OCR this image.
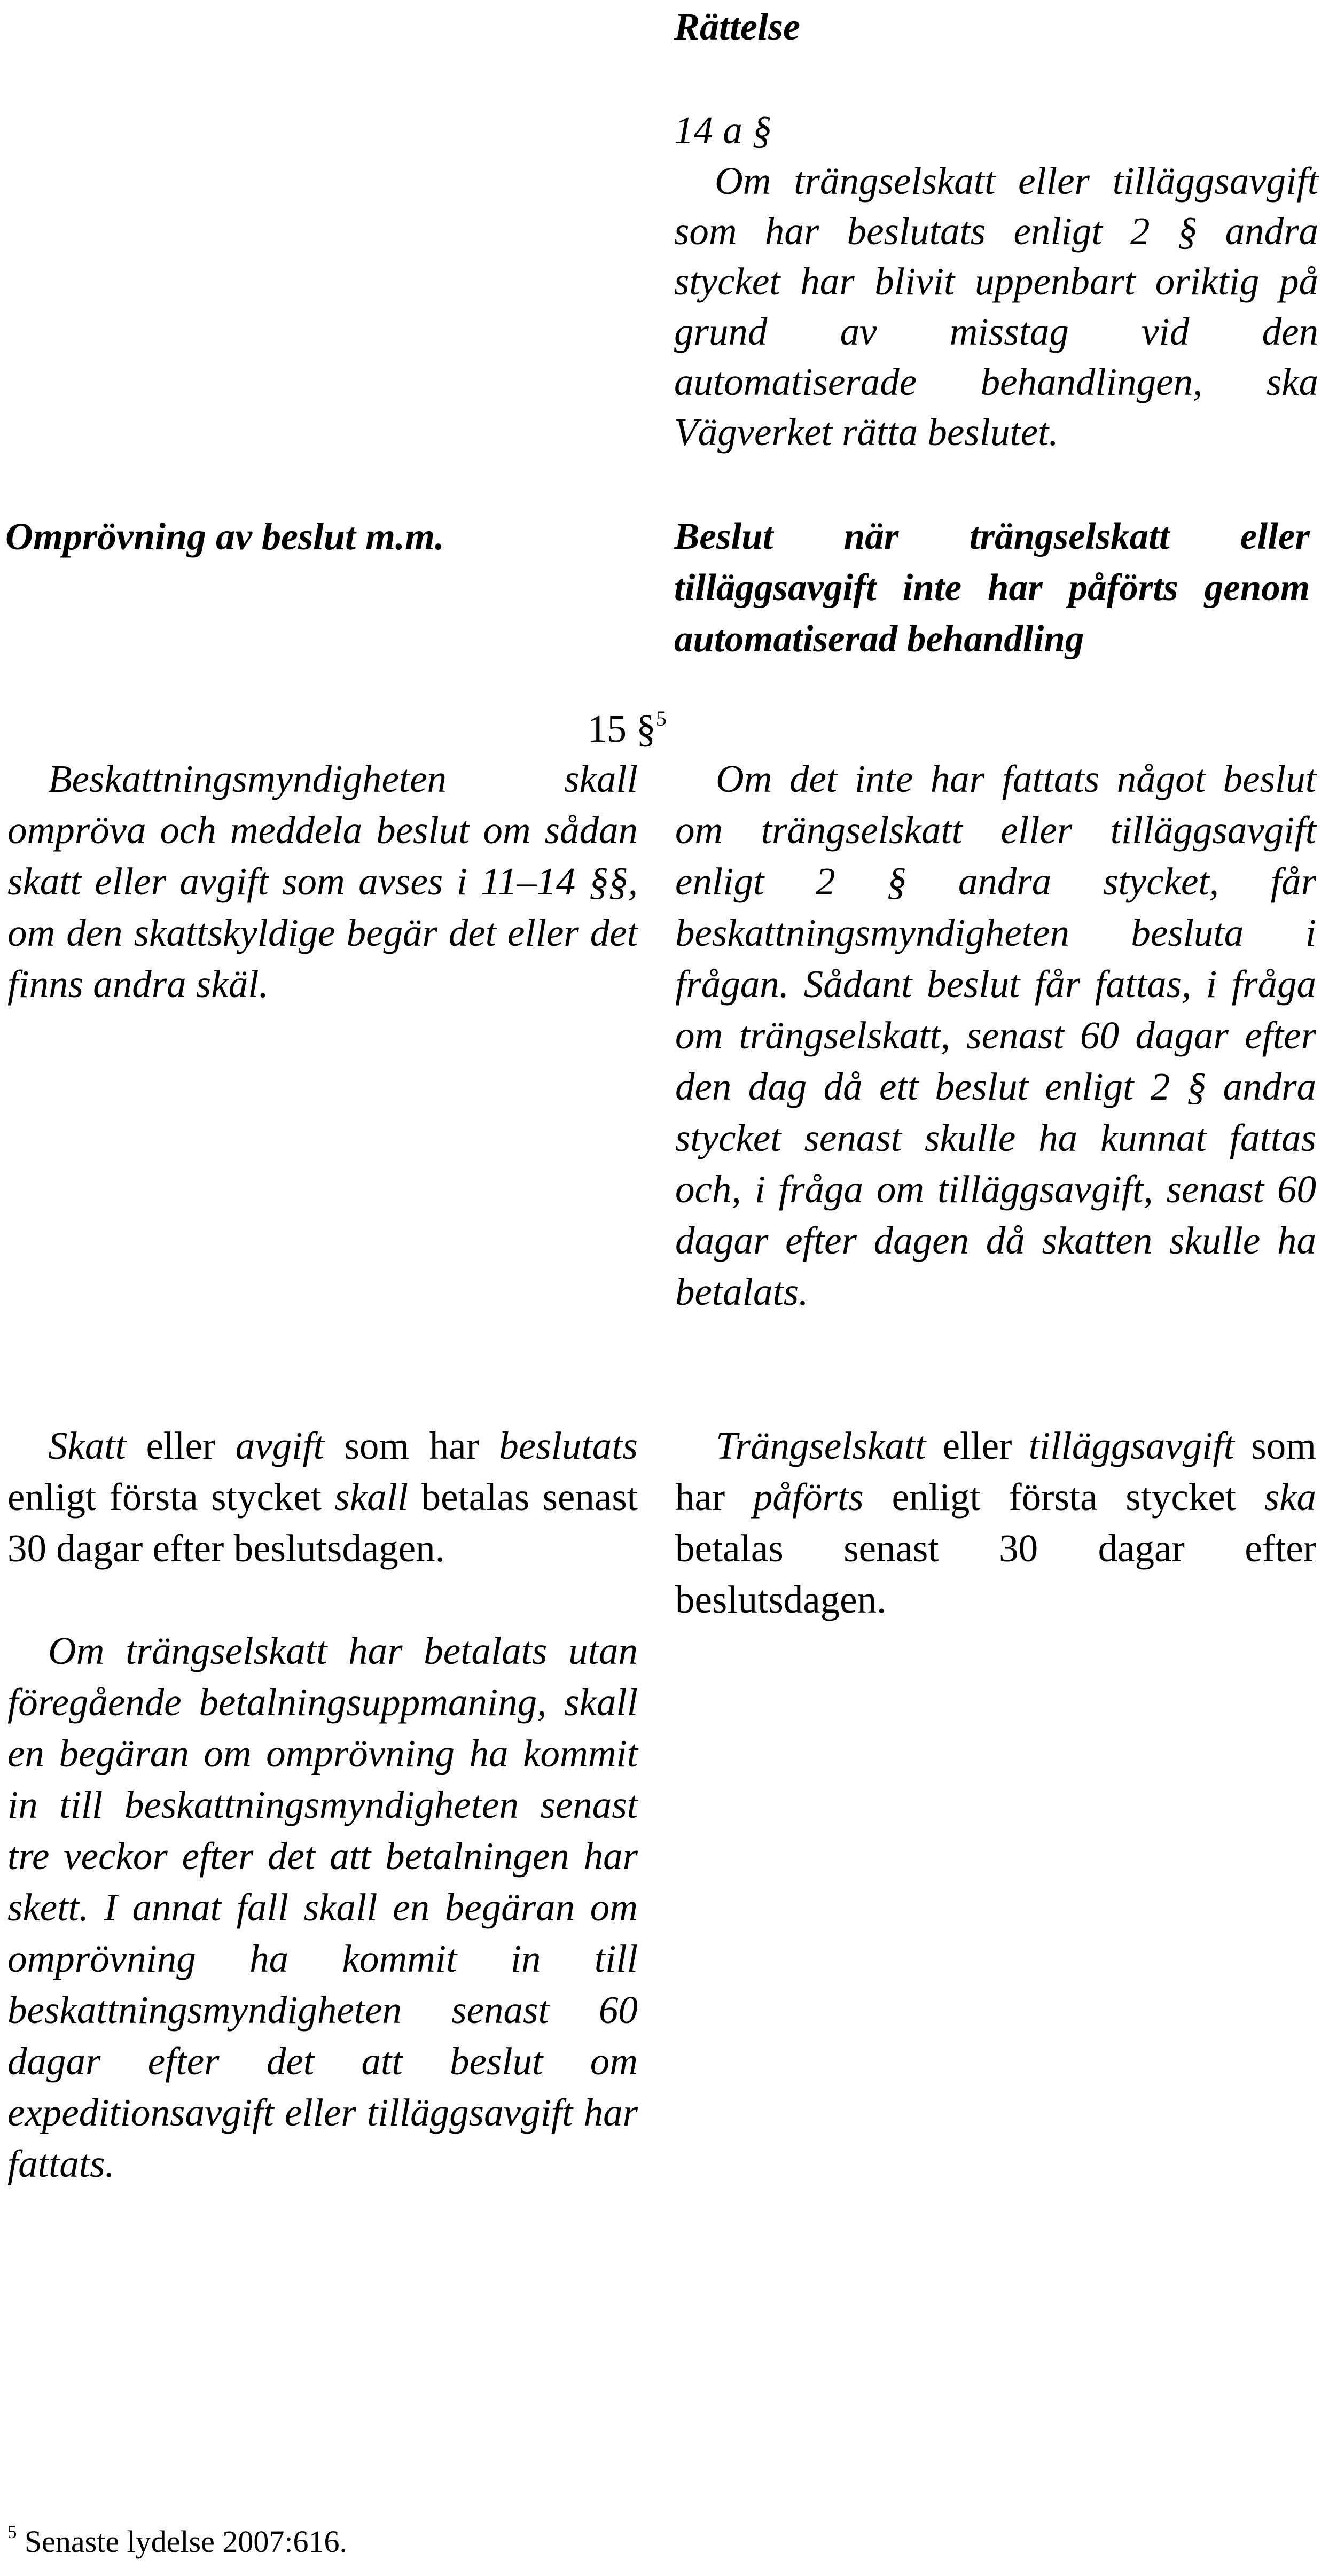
Rättelse
14 a §

Om trängselskatt eller tilläggsavgift som har beslutats enligt 2 § andra stycket har blivit uppenbart oriktig på grund av misstag vid den automatiserade behandlingen, ska Vägverket rätta beslutet.

Omprövning av beslut m.m.	Beslut när trängselskatt eller tilläggsavgift inte har påförts genom automatiserad behandling

15 §$^5$

Beskattningsmyndigheten skall ompröva och meddela beslut om sådan skatt eller avgift som avses i 11–14 §§, om den skattskyldige begär det eller det finns andra skäl.

Om det inte har fattats något beslut om trängselskatt eller tilläggsavgift enligt 2 § andra stycket, får beskattningsmyndigheten besluta i frågan. Sådant beslut får fattas, i fråga om trängselskatt, senast 60 dagar efter den dag då ett beslut enligt 2 § andra stycket senast skulle ha kunnat fattas och, i fråga om tilläggsavgift, senast 60 dagar efter dagen då skatten skulle ha betalats.

Skatt eller avgift som har beslutats enligt första stycket skall betalas senast 30 dagar efter beslutsdagen.

Trängselskatt eller tilläggsavgift som har påförts enligt första stycket ska betalas senast 30 dagar efter beslutsdagen.

Om trängselskatt har betalats utan föregående betalningsuppmaning, skall en begäran om omprövning ha kommit in till beskattningsmyndigheten senast tre veckor efter det att betalningen har skett. I annat fall skall en begäran om omprövning ha kommit in till beskattningsmyndigheten senast 60 dagar efter det att beslut om expeditionsavgift eller tilläggsavgift har fattats.

$^5$ Senaste lydelse 2007:616.
